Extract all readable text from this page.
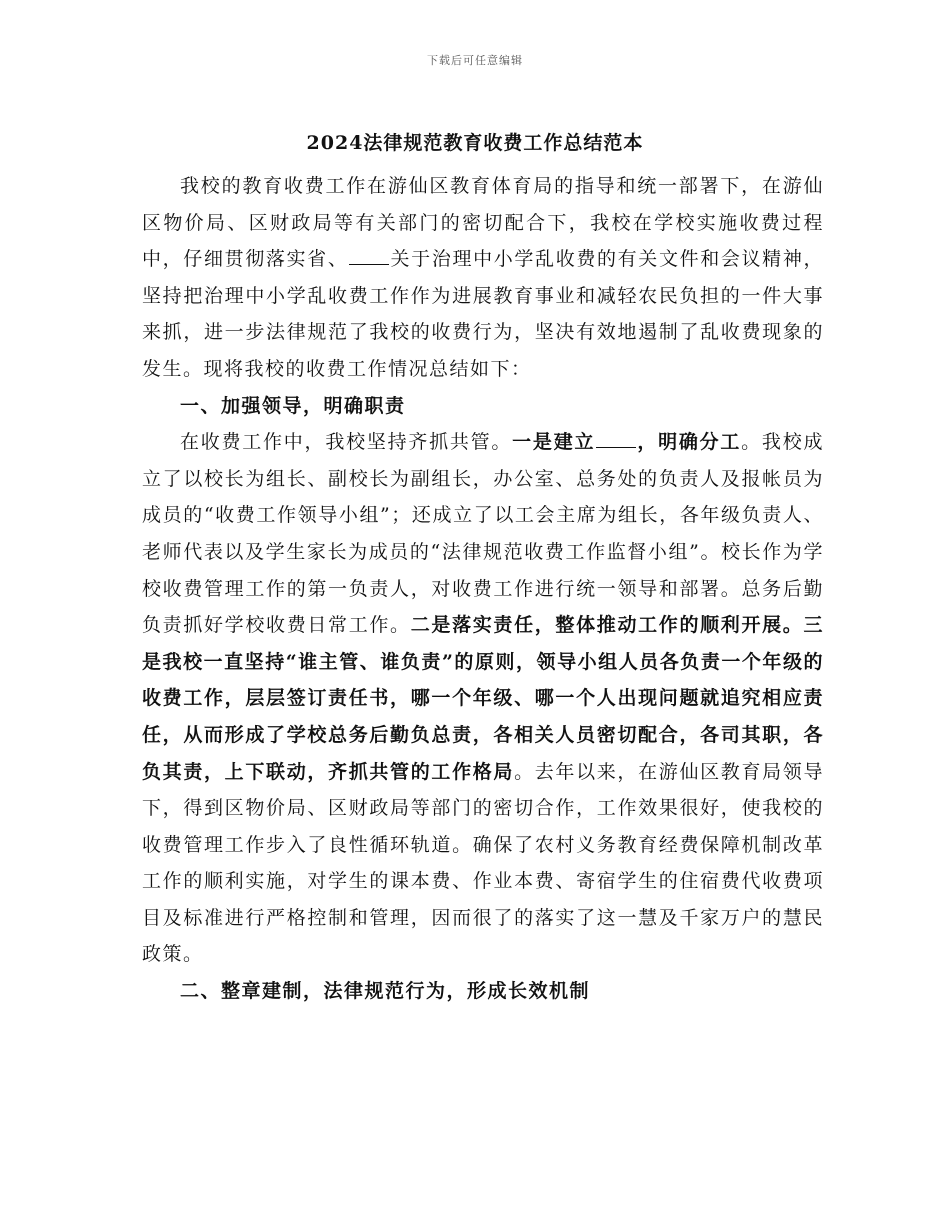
下载后可任意编辑
2024法律规范教育收费工作总结范本

我校的教育收费工作在游仙区教育体育局的指导和统一部署下，在游仙区物价局、区财政局等有关部门的密切配合下，我校在学校实施收费过程中，仔细贯彻落实省、 关于治理中小学乱收费的有关文件和会议精神，坚持把治理中小学乱收费工作作为进展教育事业和减轻农民负担的一件大事来抓，进一步法律规范了我校的收费行为，坚决有效地遏制了乱收费现象的发生。现将我校的收费工作情况总结如下：

一、加强领导，明确职责

在收费工作中，我校坚持齐抓共管。一是建立 ，明确分工。我校成立了以校长为组长、副校长为副组长，办公室、总务处的负责人及报帐员为成员的“收费工作领导小组”；还成立了以工会主席为组长，各年级负责人、老师代表以及学生家长为成员的“法律规范收费工作监督小组”。校长作为学校收费管理工作的第一负责人，对收费工作进行统一领导和部署。总务后勤负责抓好学校收费日常工作。二是落实责任，整体推动工作的顺利开展。三是我校一直坚持“谁主管、谁负责”的原则，领导小组人员各负责一个年级的收费工作，层层签订责任书，哪一个年级、哪一个人出现问题就追究相应责任，从而形成了学校总务后勤负总责，各相关人员密切配合，各司其职，各负其责，上下联动，齐抓共管的工作格局。去年以来，在游仙区教育局领导下，得到区物价局、区财政局等部门的密切合作，工作效果很好，使我校的收费管理工作步入了良性循环轨道。确保了农村义务教育经费保障机制改革工作的顺利实施，对学生的课本费、作业本费、寄宿学生的住宿费代收费项目及标准进行严格控制和管理，因而很了的落实了这一慧及千家万户的慧民政策。

二、整章建制，法律规范行为，形成长效机制
